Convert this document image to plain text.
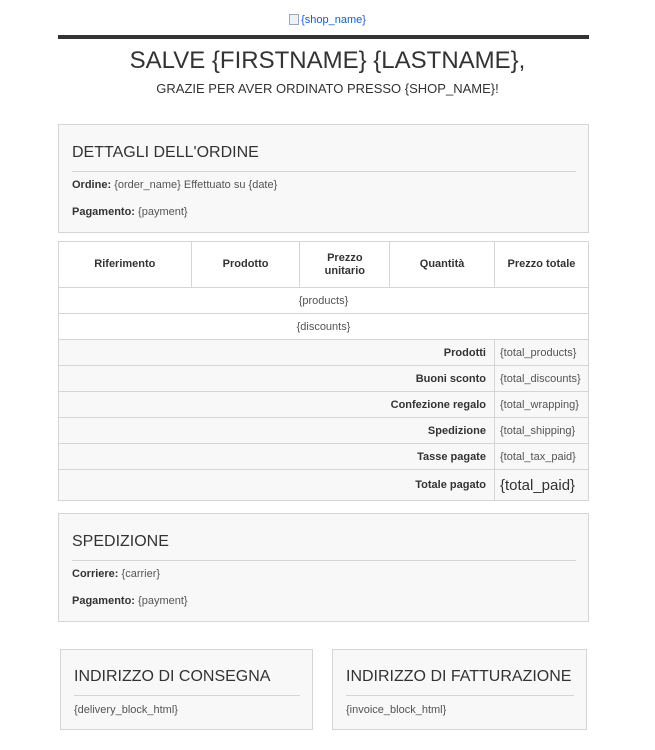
{shop_name}
SALVE {FIRSTNAME} {LASTNAME},
GRAZIE PER AVER ORDINATO PRESSO {SHOP_NAME}!
DETTAGLI DELL'ORDINE
Ordine: {order_name} Effettuato su {date}
Pagamento: {payment}
Riferimento	Prodotto	Prezzo unitario	Quantità	Prezzo totale
{products}				
{discounts}				
Prodotti				{total_products}
Buoni sconto				{total_discounts}
Confezione regalo				{total_wrapping}
Spedizione				{total_shipping}
Tasse pagate				{total_tax_paid}
Totale pagato				{total_paid}
SPEDIZIONE
Corriere: {carrier}
Pagamento: {payment}
INDIRIZZO DI CONSEGNA
{delivery_block_html}
INDIRIZZO DI FATTURAZIONE
{invoice_block_html}
